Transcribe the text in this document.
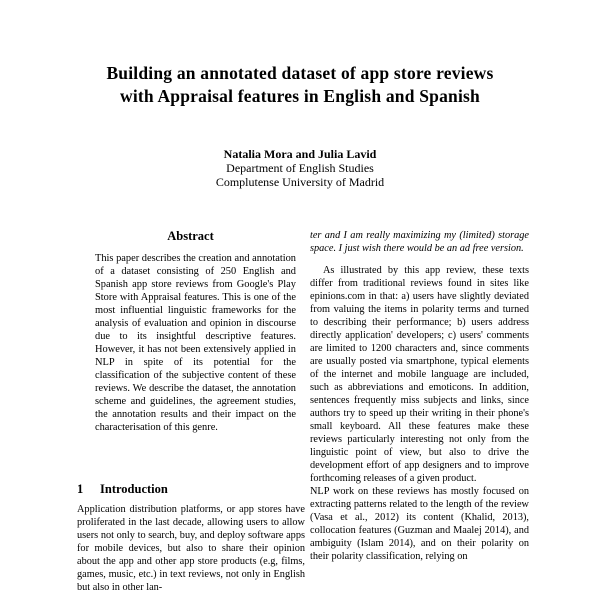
Building an annotated dataset of app store reviews
with Appraisal features in English and Spanish
Natalia Mora and Julia Lavid
Department of English Studies
Complutense University of Madrid
Abstract
This paper describes the creation and annotation of a dataset consisting of 250 English and Spanish app store reviews from Google's Play Store with Appraisal features. This is one of the most influential linguistic frameworks for the analysis of evaluation and opinion in discourse due to its insightful descriptive features. However, it has not been extensively applied in NLP in spite of its potential for the classification of the subjective content of these reviews. We describe the dataset, the annotation scheme and guidelines, the agreement studies, the annotation results and their impact on the characterisation of this genre.
1	Introduction
Application distribution platforms, or app stores have proliferated in the last decade, allowing users to allow users not only to search, buy, and deploy software apps for mobile devices, but also to share their opinion about the app and other app store products (e.g, films, games, music, etc.) in text reviews, not only in English but also in other lan-

ter and I am really maximizing my (limited) storage space. I just wish there would be an ad free version.

As illustrated by this app review, these texts differ from traditional reviews found in sites like epinions.com in that: a) users have slightly deviated from valuing the items in polarity terms and turned to describing their performance; b) users address directly application' developers; c) users' comments are limited to 1200 characters and, since comments are usually posted via smartphone, typical elements of the internet and mobile language are included, such as abbreviations and emoticons. In addition, sentences frequently miss subjects and links, since authors try to speed up their writing in their phone's small keyboard. All these features make these reviews particularly interesting not only from the linguistic point of view, but also to drive the development effort of app designers and to improve forthcoming releases of a given product.

NLP work on these reviews has mostly focused on extracting patterns related to the length of the review (Vasa et al., 2012) its content (Khalid, 2013), collocation features (Guzman and Maalej 2014), and ambiguity (Islam 2014), and on their polarity on their polarity classification, relying on
